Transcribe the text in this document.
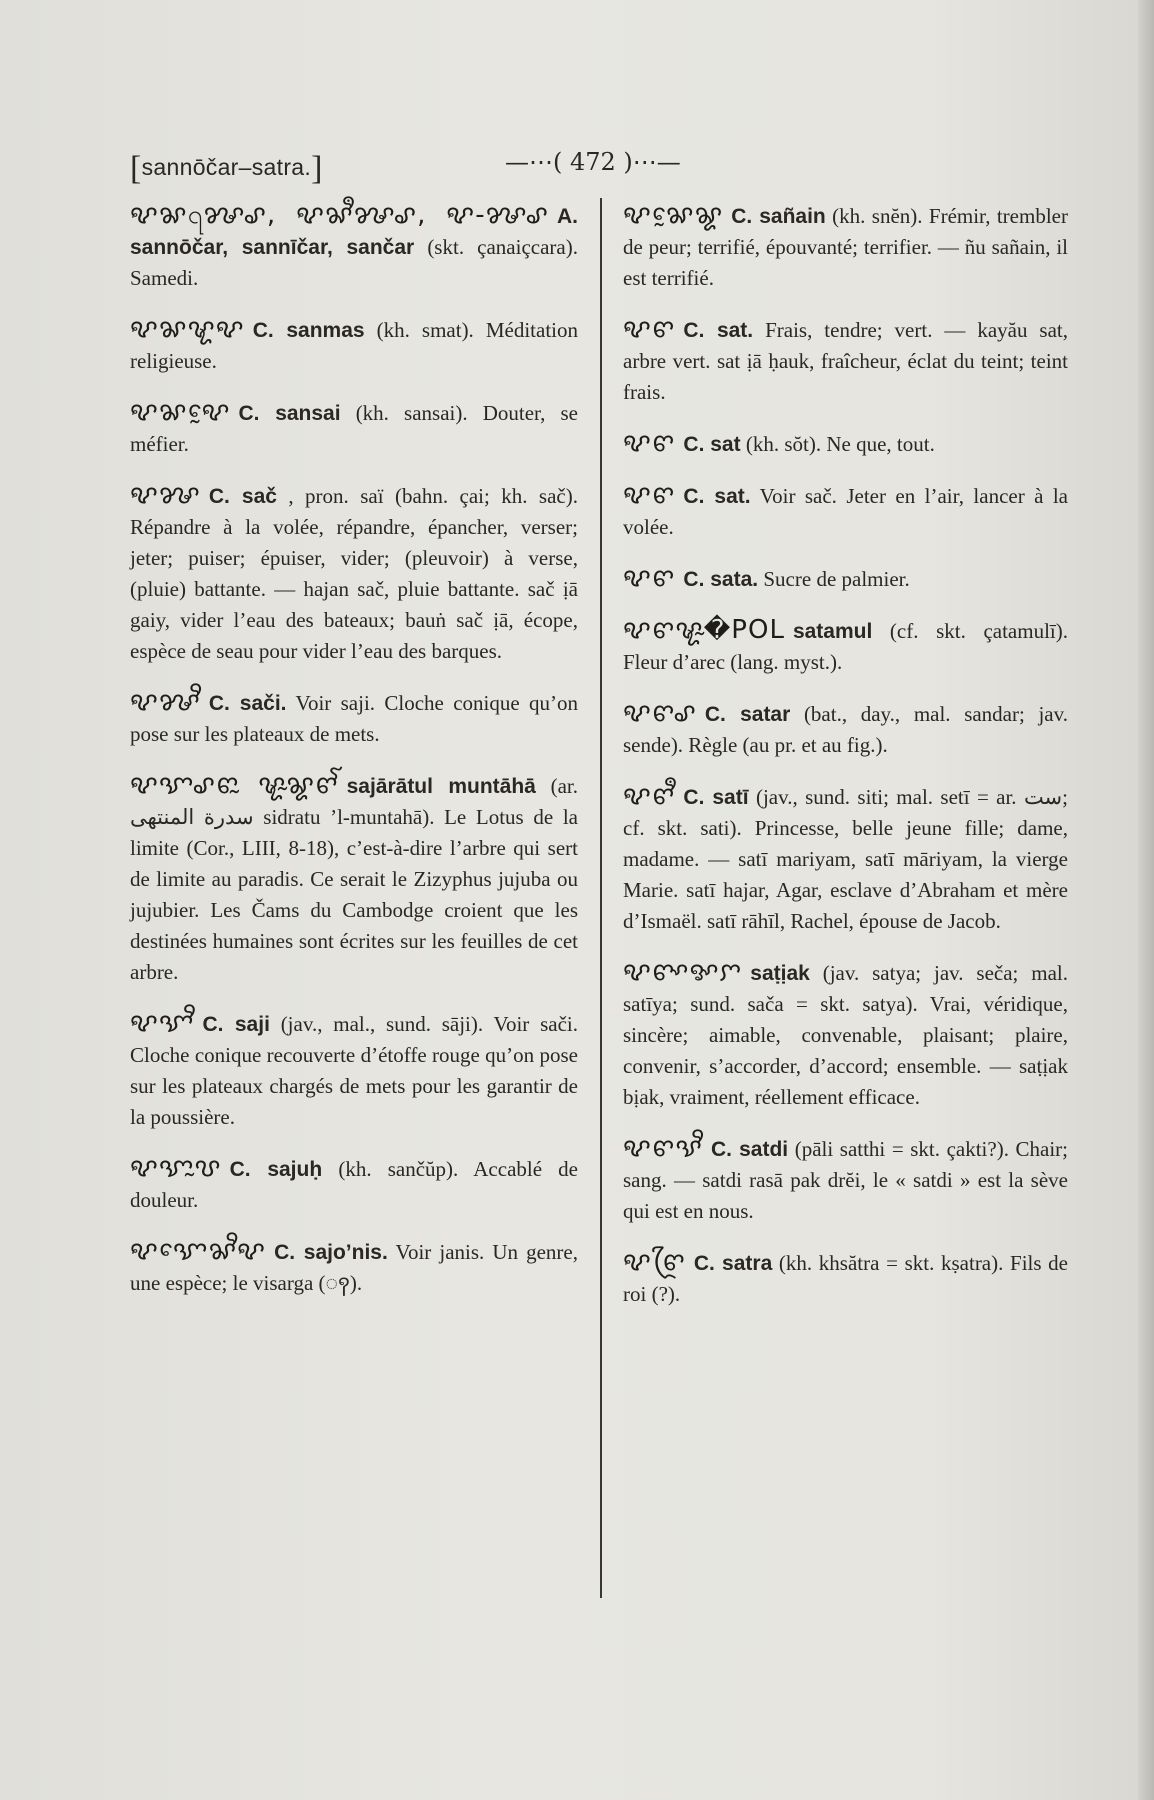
[sannōčar–satra.]	—⋯( 472 )⋯—

ꨦꨗ꩹ꨍꨣ, ꨦꨗꨫꨍꨣ, ꨦ-ꨍꨣ A. sannōčar, sannīčar, sančar (skt. çanaiçcara). Samedi.

ꨦꨗꨠꨦ C. sanmas (kh. smat). Méditation religieuse.

ꨦꨗꨦꨰ C. sansai (kh. sansai). Douter, se méfier.

ꨦꨍ C. sač , pron. saï (bahn. çai; kh. sač). Répandre à la volée, répandre, épancher, verser; jeter; puiser; épuiser, vider; (pleuvoir) à verse, (pluie) battante. — hajan sač, pluie battante. sač ịā gaiy, vider l’eau des bateaux; bauṅ sač ịā, écope, espèce de seau pour vider l’eau des barques.

ꨦꨍꨪ C. sači. Voir saji. Cloche conique qu’on pose sur les plateaux de mets.

ꨦꨎꨣꨓꨭ ꨠꨭꨘꨓꨱ sajārātul muntāhā (ar. سدرة المنتهى sidratu ’l-muntahā). Le Lotus de la limite (Cor., LIII, 8-18), c’est-à-dire l’arbre qui sert de limite au paradis. Ce serait le Zizyphus jujuba ou jujubier. Les Čams du Cambodge croient que les destinées humaines sont écrites sur les feuilles de cet arbre.

ꨦꨎꨪ C. saji (jav., mal., sund. sāji). Voir sači. Cloche conique recouverte d’étoffe rouge qu’on pose sur les plateaux chargés de mets pour les garantir de la poussière.

ꨦꨎꨭꨝ C. sajuḥ (kh. sančŭp). Accablé de douleur.

ꨦꨎꨯꨗꨪꨦ C. sajo’nis. Voir janis. Un genre, une espèce; le visarga (ꩍ).

ꨦꨗꨰꨘ C. sañain (kh. snĕn). Frémir, trembler de peur; terrifié, épouvanté; terrifier. — ñu sañain, il est terrifié.

ꨦꨓ C. sat. Frais, tendre; vert. — kayău sat, arbre vert. sat ịā ḥauk, fraîcheur, éclat du teint; teint frais.

ꨦꨓ C. sat (kh. sŏt). Ne que, tout.

ꨦꨓ C. sat. Voir sač. Jeter en l’air, lancer à la volée.

ꨦꨓ C. sata. Sucre de palmier.

ꨦꨓꨠꨭ�POL satamul (cf. skt. çatamulī). Fleur d’arec (lang. myst.).

ꨦꨓꨣ C. satar (bat., day., mal. sandar; jav. sende). Règle (au pr. et au fig.).

ꨦꨓꨫ C. satī (jav., sund. siti; mal. setī = ar. ست; cf. skt. sati). Princesse, belle jeune fille; dame, madame. — satī mariyam, satī māriyam, la vierge Marie. satī hajar, Agar, esclave d’Abraham et mère d’Ismaël. satī rāhīl, Rachel, épouse de Jacob.

ꨦꨓꨳꨀꨆ saṭịak (jav. satya; jav. seča; mal. satīya; sund. sača = skt. satya). Vrai, véridique, sincère; aimable, convenable, plaisant; plaire, convenir, s’accorder, d’accord; ensemble. — saṭịak bịak, vraiment, réellement efficace.

ꨦꨓꨕꨪ C. satdi (pāli satthi = skt. çakti?). Chair; sang. — satdi rasā pak drĕi, le « satdi » est la sève qui est en nous.

ꨦꨓꨴ C. satra (kh. khsătra = skt. kṣatra). Fils de roi (?).
